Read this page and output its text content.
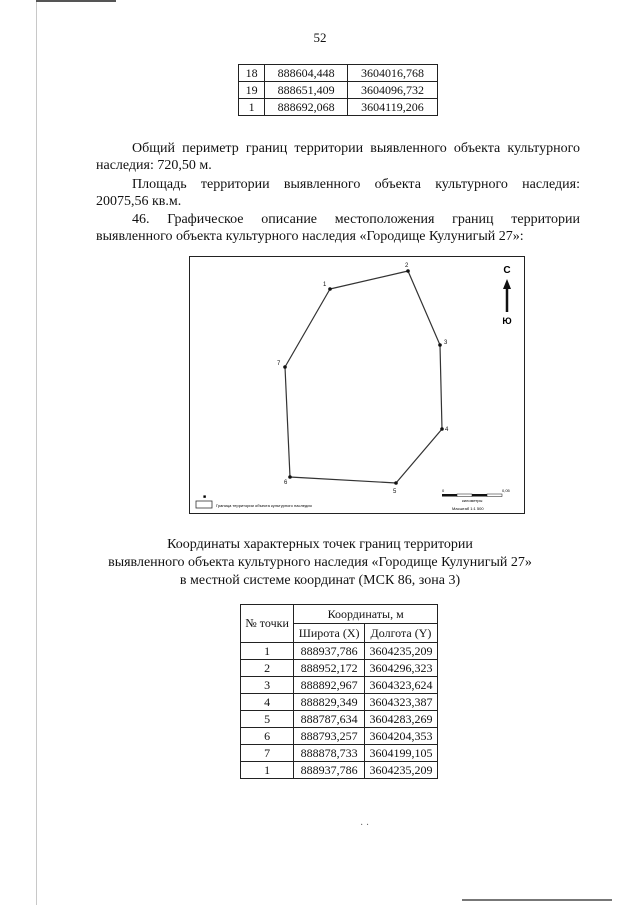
52
18	888604,448	3604016,768
19	888651,409	3604096,732
1	888692,068	3604119,206

Общий периметр границ территории выявленного объекта культурного наследия: 720,50 м.

Площадь территории выявленного объекта культурного наследия: 20075,56 кв.м.

46. Графическое описание местоположения границ территории выявленного объекта культурного наследия «Городище Кулунигый 27»:

1
2
3
4
5
6
7
С
Ю
■
Граница территории объекта культурного наследия
0	0,05
километры
Масштаб 1:1 500

Координаты характерных точек границ территории

выявленного объекта культурного наследия «Городище Кулунигый 27»

в местной системе координат (МСК 86, зона 3)

№ точки	Координаты, м	
	Широта (X)	Долгота (Y)
1	888937,786	3604235,209
2	888952,172	3604296,323
3	888892,967	3604323,624
4	888829,349	3604323,387
5	888787,634	3604283,269
6	888793,257	3604204,353
7	888878,733	3604199,105
1	888937,786	3604235,209
· ·
